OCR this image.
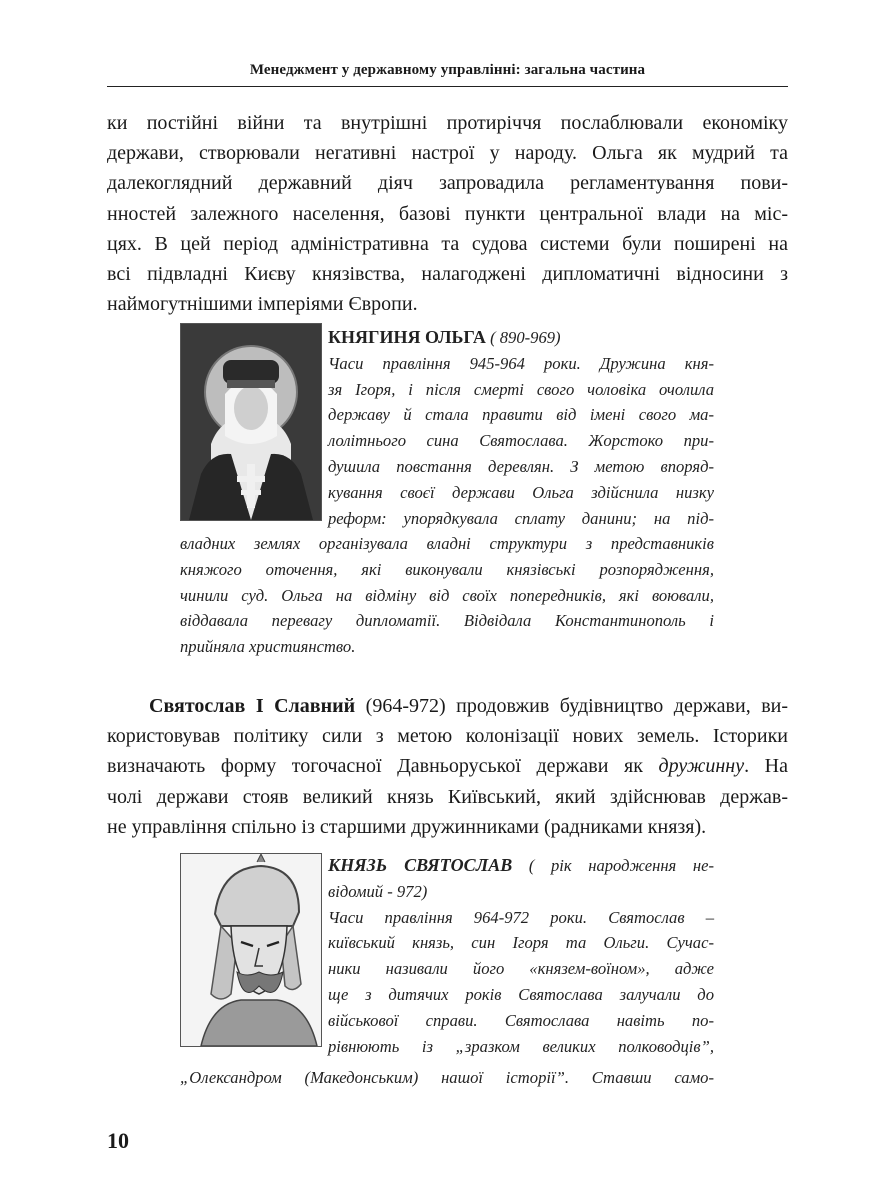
Менеджмент у державному управлінні: загальна частина
ки постійні війни та внутрішні протиріччя послаблювали економіку
держави, створювали негативні настрої у народу. Ольга як мудрий та
далекоглядний державний діяч запровадила регламентування пови-
нностей залежного населення, базові пункти центральної влади на міс-
цях. В цей період адміністративна та судова системи були поширені на
всі підвладні Києву князівства, налагоджені дипломатичні відносини з
наймогутнішими імперіями Європи.
КНЯГИНЯ ОЛЬГА ( 890-969)
Часи правління 945-964 роки. Дружина кня-
зя Ігоря, і після смерті свого чоловіка очолила
державу й стала правити від імені свого ма-
лолітнього сина Святослава. Жорстоко при-
душила повстання деревлян. З метою впоряд-
кування своєї держави Ольга здійснила низку
реформ: упорядкувала сплату данини; на під-
владних землях організувала владні структури з представників
княжого оточення, які виконували князівські розпорядження,
чинили суд. Ольга на відміну від своїх попередників, які воювали,
віддавала перевагу дипломатії. Відвідала Константинополь і
прийняла християнство.
Святослав І Славний (964-972) продовжив будівництво держави, ви-
користовував політику сили з метою колонізації нових земель. Історики
визначають форму тогочасної Давньоруської держави як дружинну. На
чолі держави стояв великий князь Київський, який здійснював держав-
не управління спільно із старшими дружинниками (радниками князя).
КНЯЗЬ СВЯТОСЛАВ ( рік народження не-
відомий - 972)
Часи правління 964-972 роки. Святослав –
київський князь, син Ігоря та Ольги. Сучас-
ники називали його «князем-воїном», адже
ще з дитячих років Святослава залучали до
військової справи. Святослава навіть по-
рівнюють із „зразком великих полководців”,
„Олександром (Македонським) нашої історії”. Ставши само-
10
